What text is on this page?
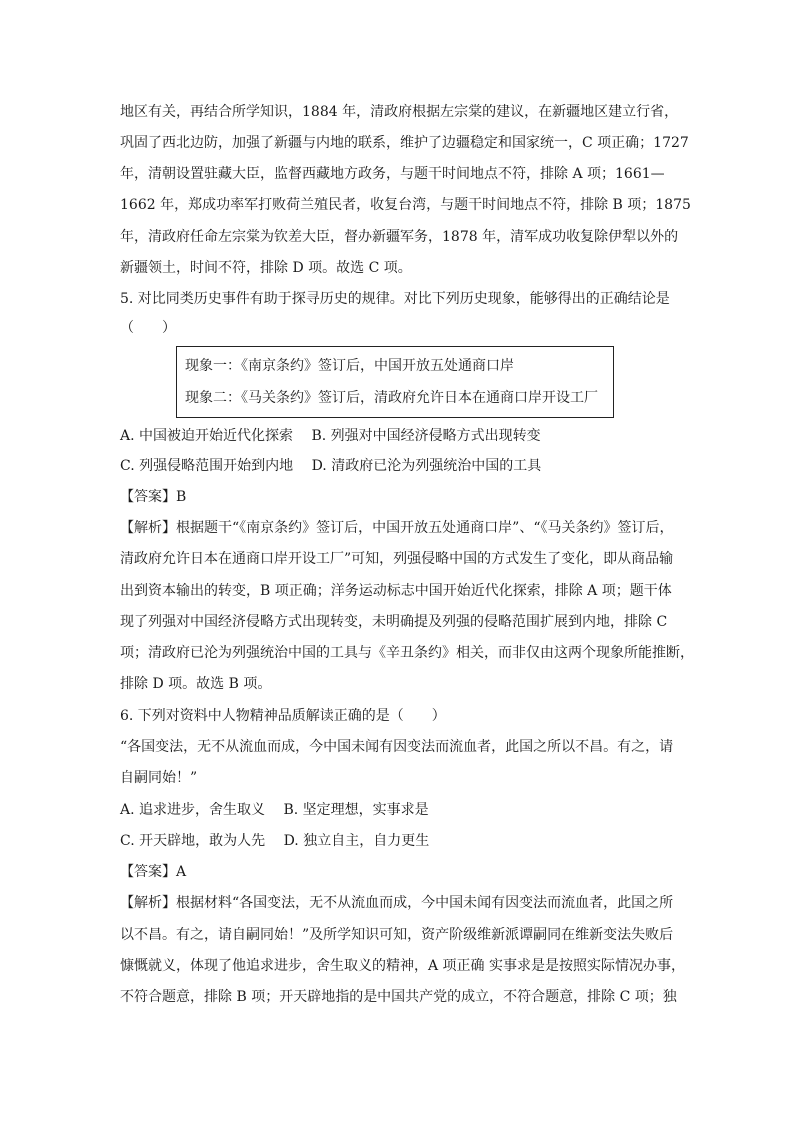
地区有关，再结合所学知识，1884 年，清政府根据左宗棠的建议，在新疆地区建立行省，
巩固了西北边防，加强了新疆与内地的联系，维护了边疆稳定和国家统一，C 项正确；1727
年，清朝设置驻藏大臣，监督西藏地方政务，与题干时间地点不符，排除 A 项；1661—
1662 年，郑成功率军打败荷兰殖民者，收复台湾，与题干时间地点不符，排除 B 项；1875
年，清政府任命左宗棠为钦差大臣，督办新疆军务，1878 年，清军成功收复除伊犁以外的
新疆领土，时间不符，排除 D 项。故选 C 项。
5. 对比同类历史事件有助于探寻历史的规律。对比下列历史现象，能够得出的正确结论是
（　　）
现象一：《南京条约》签订后，中国开放五处通商口岸
现象二：《马关条约》签订后，清政府允许日本在通商口岸开设工厂
A. 中国被迫开始近代化探索　 B. 列强对中国经济侵略方式出现转变
C. 列强侵略范围开始到内地　 D. 清政府已沦为列强统治中国的工具
【答案】B
【解析】根据题干“《南京条约》签订后，中国开放五处通商口岸”、“《马关条约》签订后，
清政府允许日本在通商口岸开设工厂”可知，列强侵略中国的方式发生了变化，即从商品输
出到资本输出的转变，B 项正确；洋务运动标志中国开始近代化探索，排除 A 项；题干体
现了列强对中国经济侵略方式出现转变，未明确提及列强的侵略范围扩展到内地，排除 C
项；清政府已沦为列强统治中国的工具与《辛丑条约》相关，而非仅由这两个现象所能推断，
排除 D 项。故选 B 项。
6. 下列对资料中人物精神品质解读正确的是（　　）
“各国变法，无不从流血而成，今中国未闻有因变法而流血者，此国之所以不昌。有之，请
自嗣同始！”
A. 追求进步，舍生取义　 B. 坚定理想，实事求是
C. 开天辟地，敢为人先　 D. 独立自主，自力更生
【答案】A
【解析】根据材料“各国变法，无不从流血而成，今中国未闻有因变法而流血者，此国之所
以不昌。有之，请自嗣同始！”及所学知识可知，资产阶级维新派谭嗣同在维新变法失败后
慷慨就义，体现了他追求进步，舍生取义的精神，A 项正确 实事求是是按照实际情况办事，
不符合题意，排除 B 项；开天辟地指的是中国共产党的成立，不符合题意，排除 C 项；独
